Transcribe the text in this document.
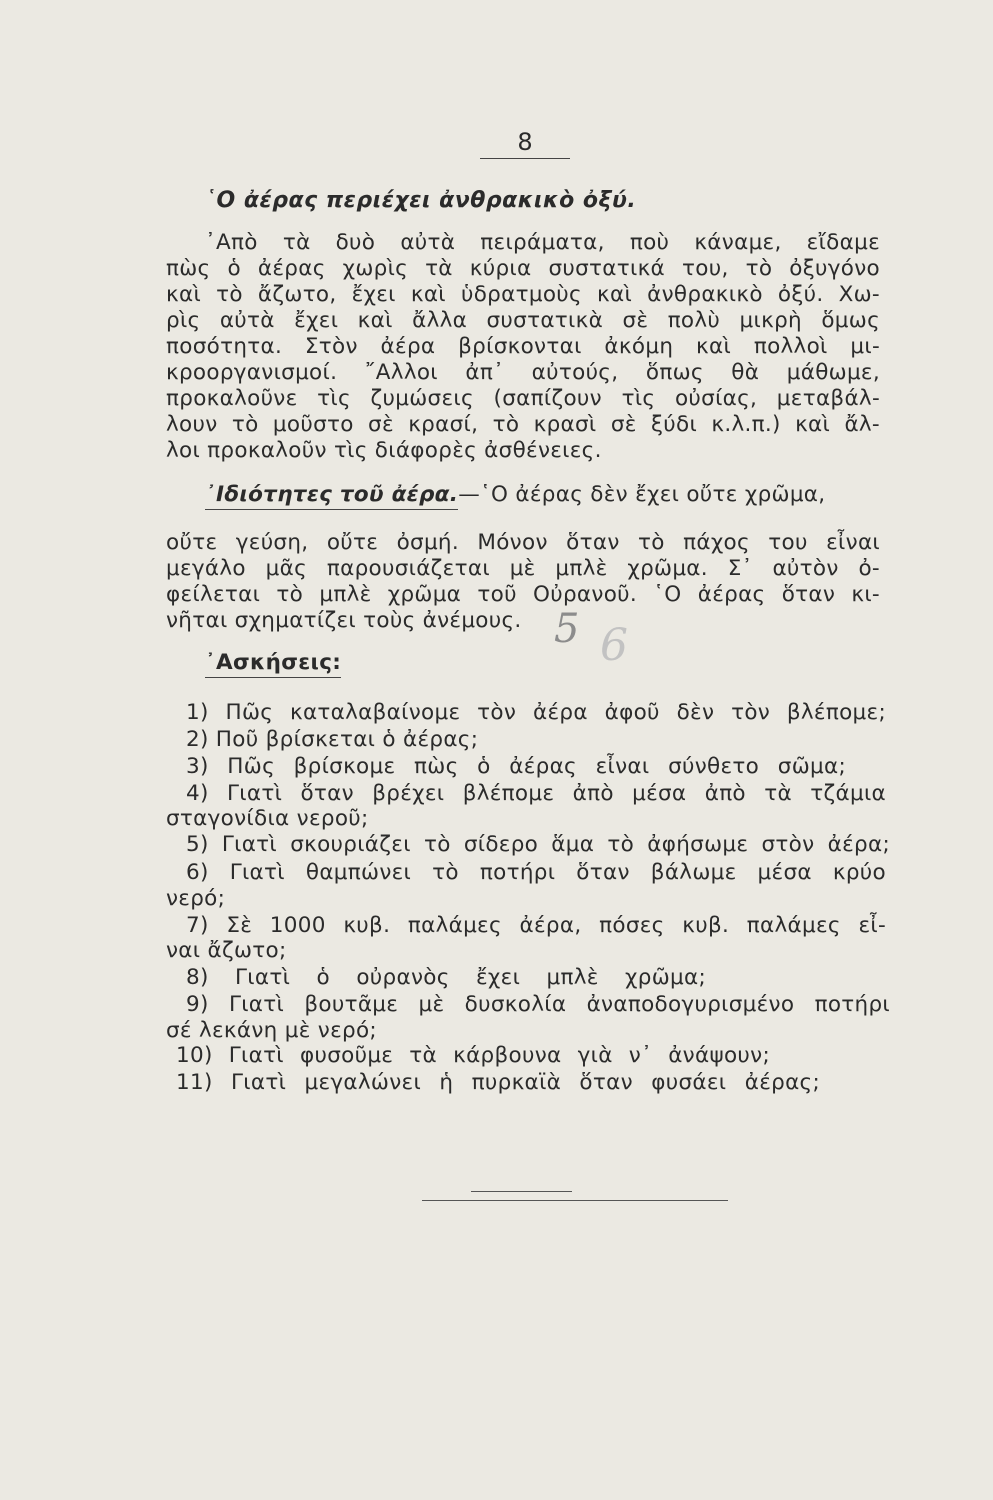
8
῾Ο ἀέρας περιέχει ἀνθρακικὸ ὀξύ.
᾿Απὸ τὰ δυὸ αὐτὰ πειράματα, ποὺ κάναμε, εἴδαμε
πὼς ὁ ἀέρας χωρὶς τὰ κύρια συστατικά του, τὸ ὀξυγόνο
καὶ τὸ ἄζωτο, ἔχει καὶ ὑδρατμοὺς καὶ ἀνθρακικὸ ὀξύ. Χω-
ρὶς αὐτὰ ἔχει καὶ ἄλλα συστατικὰ σὲ πολὺ μικρὴ ὅμως
ποσότητα. Στὸν ἀέρα βρίσκονται ἀκόμη καὶ πολλοὶ μι-
κροοργανισμοί. ῎Αλλοι ἀπ᾿ αὐτούς, ὅπως θὰ μάθωμε,
προκαλοῦνε τὶς ζυμώσεις (σαπίζουν τὶς οὐσίας, μεταβάλ-
λουν τὸ μοῦστο σὲ κρασί, τὸ κρασὶ σὲ ξύδι κ.λ.π.) καὶ ἄλ-
λοι προκαλοῦν τὶς διάφορὲς ἀσθένειες.
᾿Ιδιότητες τοῦ ἀέρα.—῾Ο ἀέρας δὲν ἔχει οὔτε χρῶμα,
οὔτε γεύση, οὔτε ὀσμή. Μόνον ὅταν τὸ πάχος του εἶναι
μεγάλο μᾶς παρουσιάζεται μὲ μπλὲ χρῶμα. Σ᾿ αὐτὸν ὀ-
φείλεται τὸ μπλὲ χρῶμα τοῦ Οὐρανοῦ. ῾Ο ἀέρας ὅταν κι-
νῆται σχηματίζει τοὺς ἀνέμους. 5 6
᾿Ασκήσεις:
1) Πῶς καταλαβαίνομε τὸν ἀέρα ἀφοῦ δὲν τὸν βλέπομε;
2) Ποῦ βρίσκεται ὁ ἀέρας;
3) Πῶς βρίσκομε πὼς ὁ ἀέρας εἶναι σύνθετο σῶμα;
4) Γιατὶ ὅταν βρέχει βλέπομε ἀπὸ μέσα ἀπὸ τὰ τζάμια
σταγονίδια νεροῦ;
5) Γιατὶ σκουριάζει τὸ σίδερο ἅμα τὸ ἀφήσωμε στὸν ἀέρα;
6) Γιατὶ θαμπώνει τὸ ποτήρι ὅταν βάλωμε μέσα κρύο
νερό;
7) Σὲ 1000 κυβ. παλάμες ἀέρα, πόσες κυβ. παλάμες εἶ-
ναι ἄζωτο;
8) Γιατὶ ὁ οὐρανὸς ἔχει μπλὲ χρῶμα;
9) Γιατὶ βουτᾶμε μὲ δυσκολία ἀναποδογυρισμένο ποτήρι
σέ λεκάνη μὲ νερό;
10) Γιατὶ φυσοῦμε τὰ κάρβουνα γιὰ ν᾿ ἀνάψουν;
11) Γιατὶ μεγαλώνει ἡ πυρκαϊὰ ὅταν φυσάει ἀέρας;
